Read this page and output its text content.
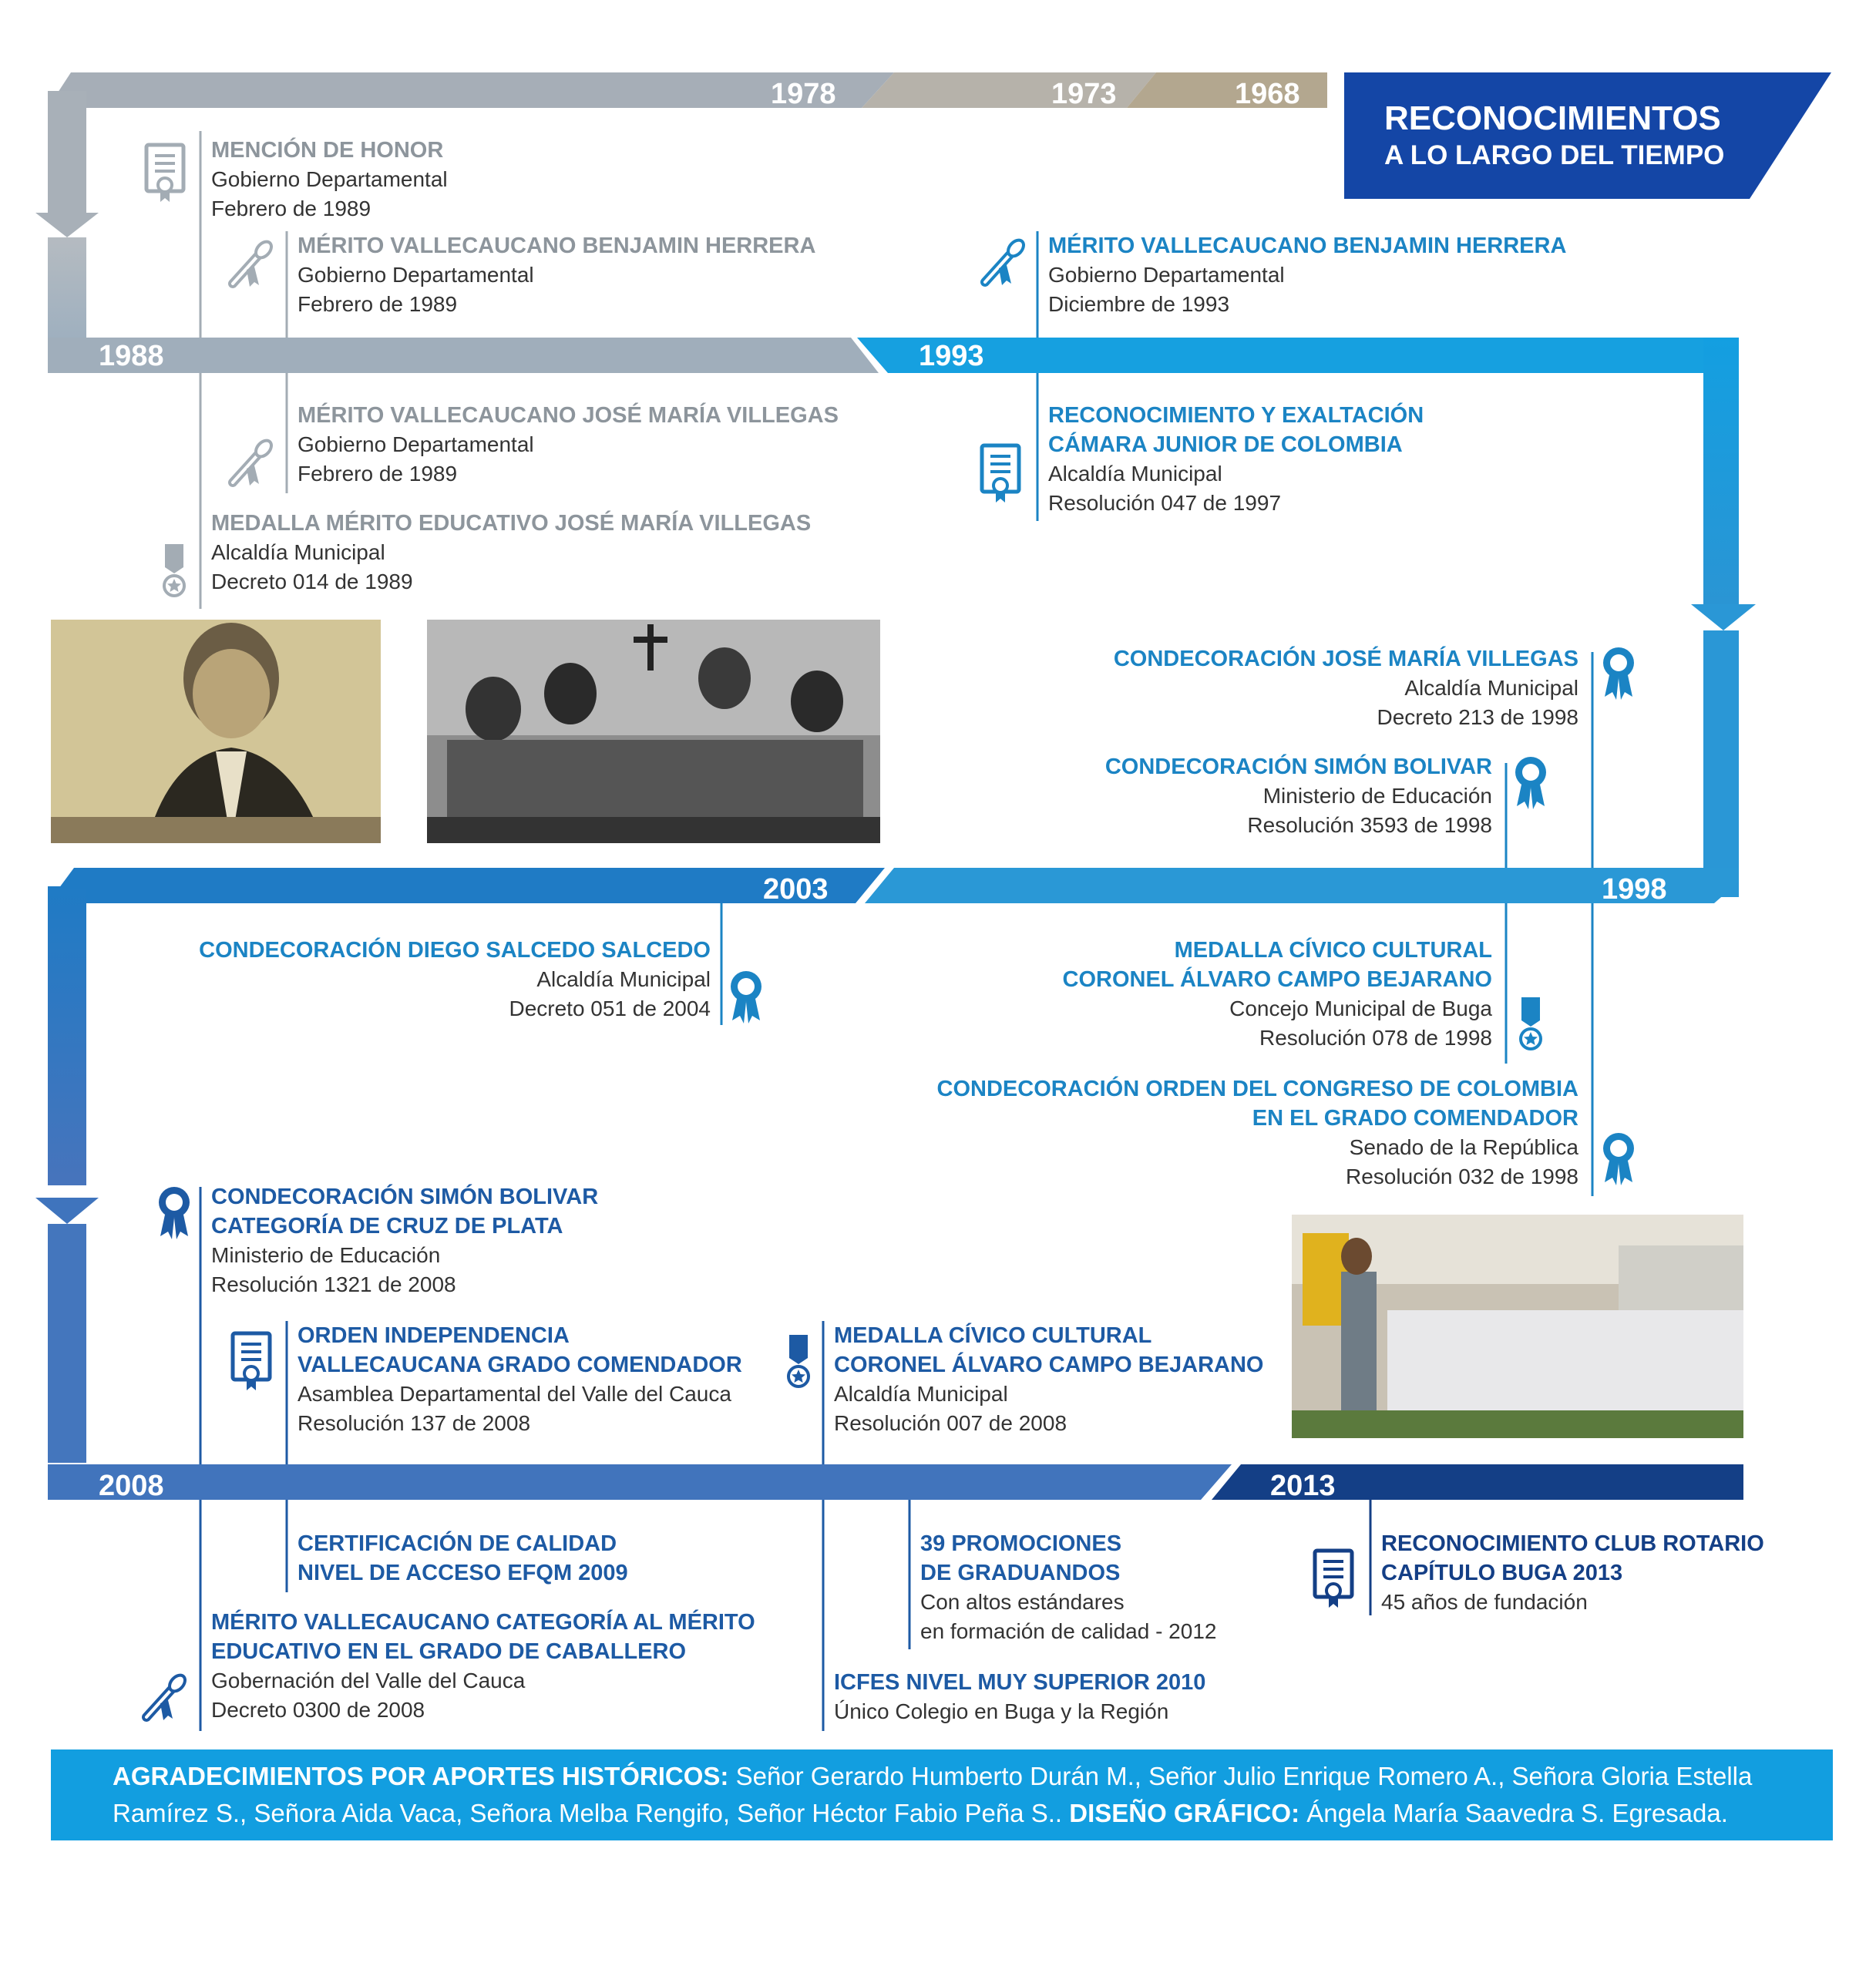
1978	1973	1968
1988	1993
2003	1998
2008	2013
RECONOCIMIENTOS
A LO LARGO DEL TIEMPO
MENCIÓN DE HONOR
Gobierno Departamental
Febrero de 1989
MÉRITO VALLECAUCANO BENJAMIN HERRERA
Gobierno Departamental
Febrero de 1989
MÉRITO VALLECAUCANO JOSÉ MARÍA VILLEGAS
Gobierno Departamental
Febrero de 1989
MEDALLA MÉRITO EDUCATIVO JOSÉ MARÍA VILLEGAS
Alcaldía Municipal
Decreto 014 de 1989
MÉRITO VALLECAUCANO BENJAMIN HERRERA
Gobierno Departamental
Diciembre de 1993
RECONOCIMIENTO Y EXALTACIÓN
CÁMARA JUNIOR DE COLOMBIA
Alcaldía Municipal
Resolución 047 de 1997
CONDECORACIÓN JOSÉ MARÍA VILLEGAS
Alcaldía Municipal
Decreto 213 de 1998
CONDECORACIÓN SIMÓN BOLIVAR
Ministerio de Educación
Resolución 3593 de 1998
CONDECORACIÓN DIEGO SALCEDO SALCEDO
Alcaldía Municipal
Decreto 051 de 2004
MEDALLA CÍVICO CULTURAL
CORONEL ÁLVARO CAMPO BEJARANO
Concejo Municipal de Buga
Resolución 078 de 1998
CONDECORACIÓN ORDEN DEL CONGRESO DE COLOMBIA
EN EL GRADO COMENDADOR
Senado de la República
Resolución 032 de 1998
CONDECORACIÓN SIMÓN BOLIVAR
CATEGORÍA DE CRUZ DE PLATA
Ministerio de Educación
Resolución 1321 de 2008
ORDEN INDEPENDENCIA
VALLECAUCANA GRADO COMENDADOR
Asamblea Departamental del Valle del Cauca
Resolución 137 de 2008
MEDALLA CÍVICO CULTURAL
CORONEL ÁLVARO CAMPO BEJARANO
Alcaldía Municipal
Resolución 007 de 2008
CERTIFICACIÓN DE CALIDAD
NIVEL DE ACCESO EFQM 2009
MÉRITO VALLECAUCANO CATEGORÍA AL MÉRITO
EDUCATIVO EN EL GRADO DE CABALLERO
Gobernación del Valle del Cauca
Decreto 0300 de 2008
39 PROMOCIONES
DE GRADUANDOS
Con altos estándares
en formación de calidad - 2012
ICFES NIVEL MUY SUPERIOR 2010
Único Colegio en Buga y la Región
RECONOCIMIENTO CLUB ROTARIO
CAPÍTULO BUGA 2013
45 años de fundación
AGRADECIMIENTOS POR APORTES HISTÓRICOS: Señor Gerardo Humberto Durán M., Señor Julio Enrique Romero A., Señora Gloria Estella Ramírez S., Señora Aida Vaca, Señora Melba Rengifo, Señor Héctor Fabio Peña S.. DISEÑO GRÁFICO: Ángela María Saavedra S. Egresada.
